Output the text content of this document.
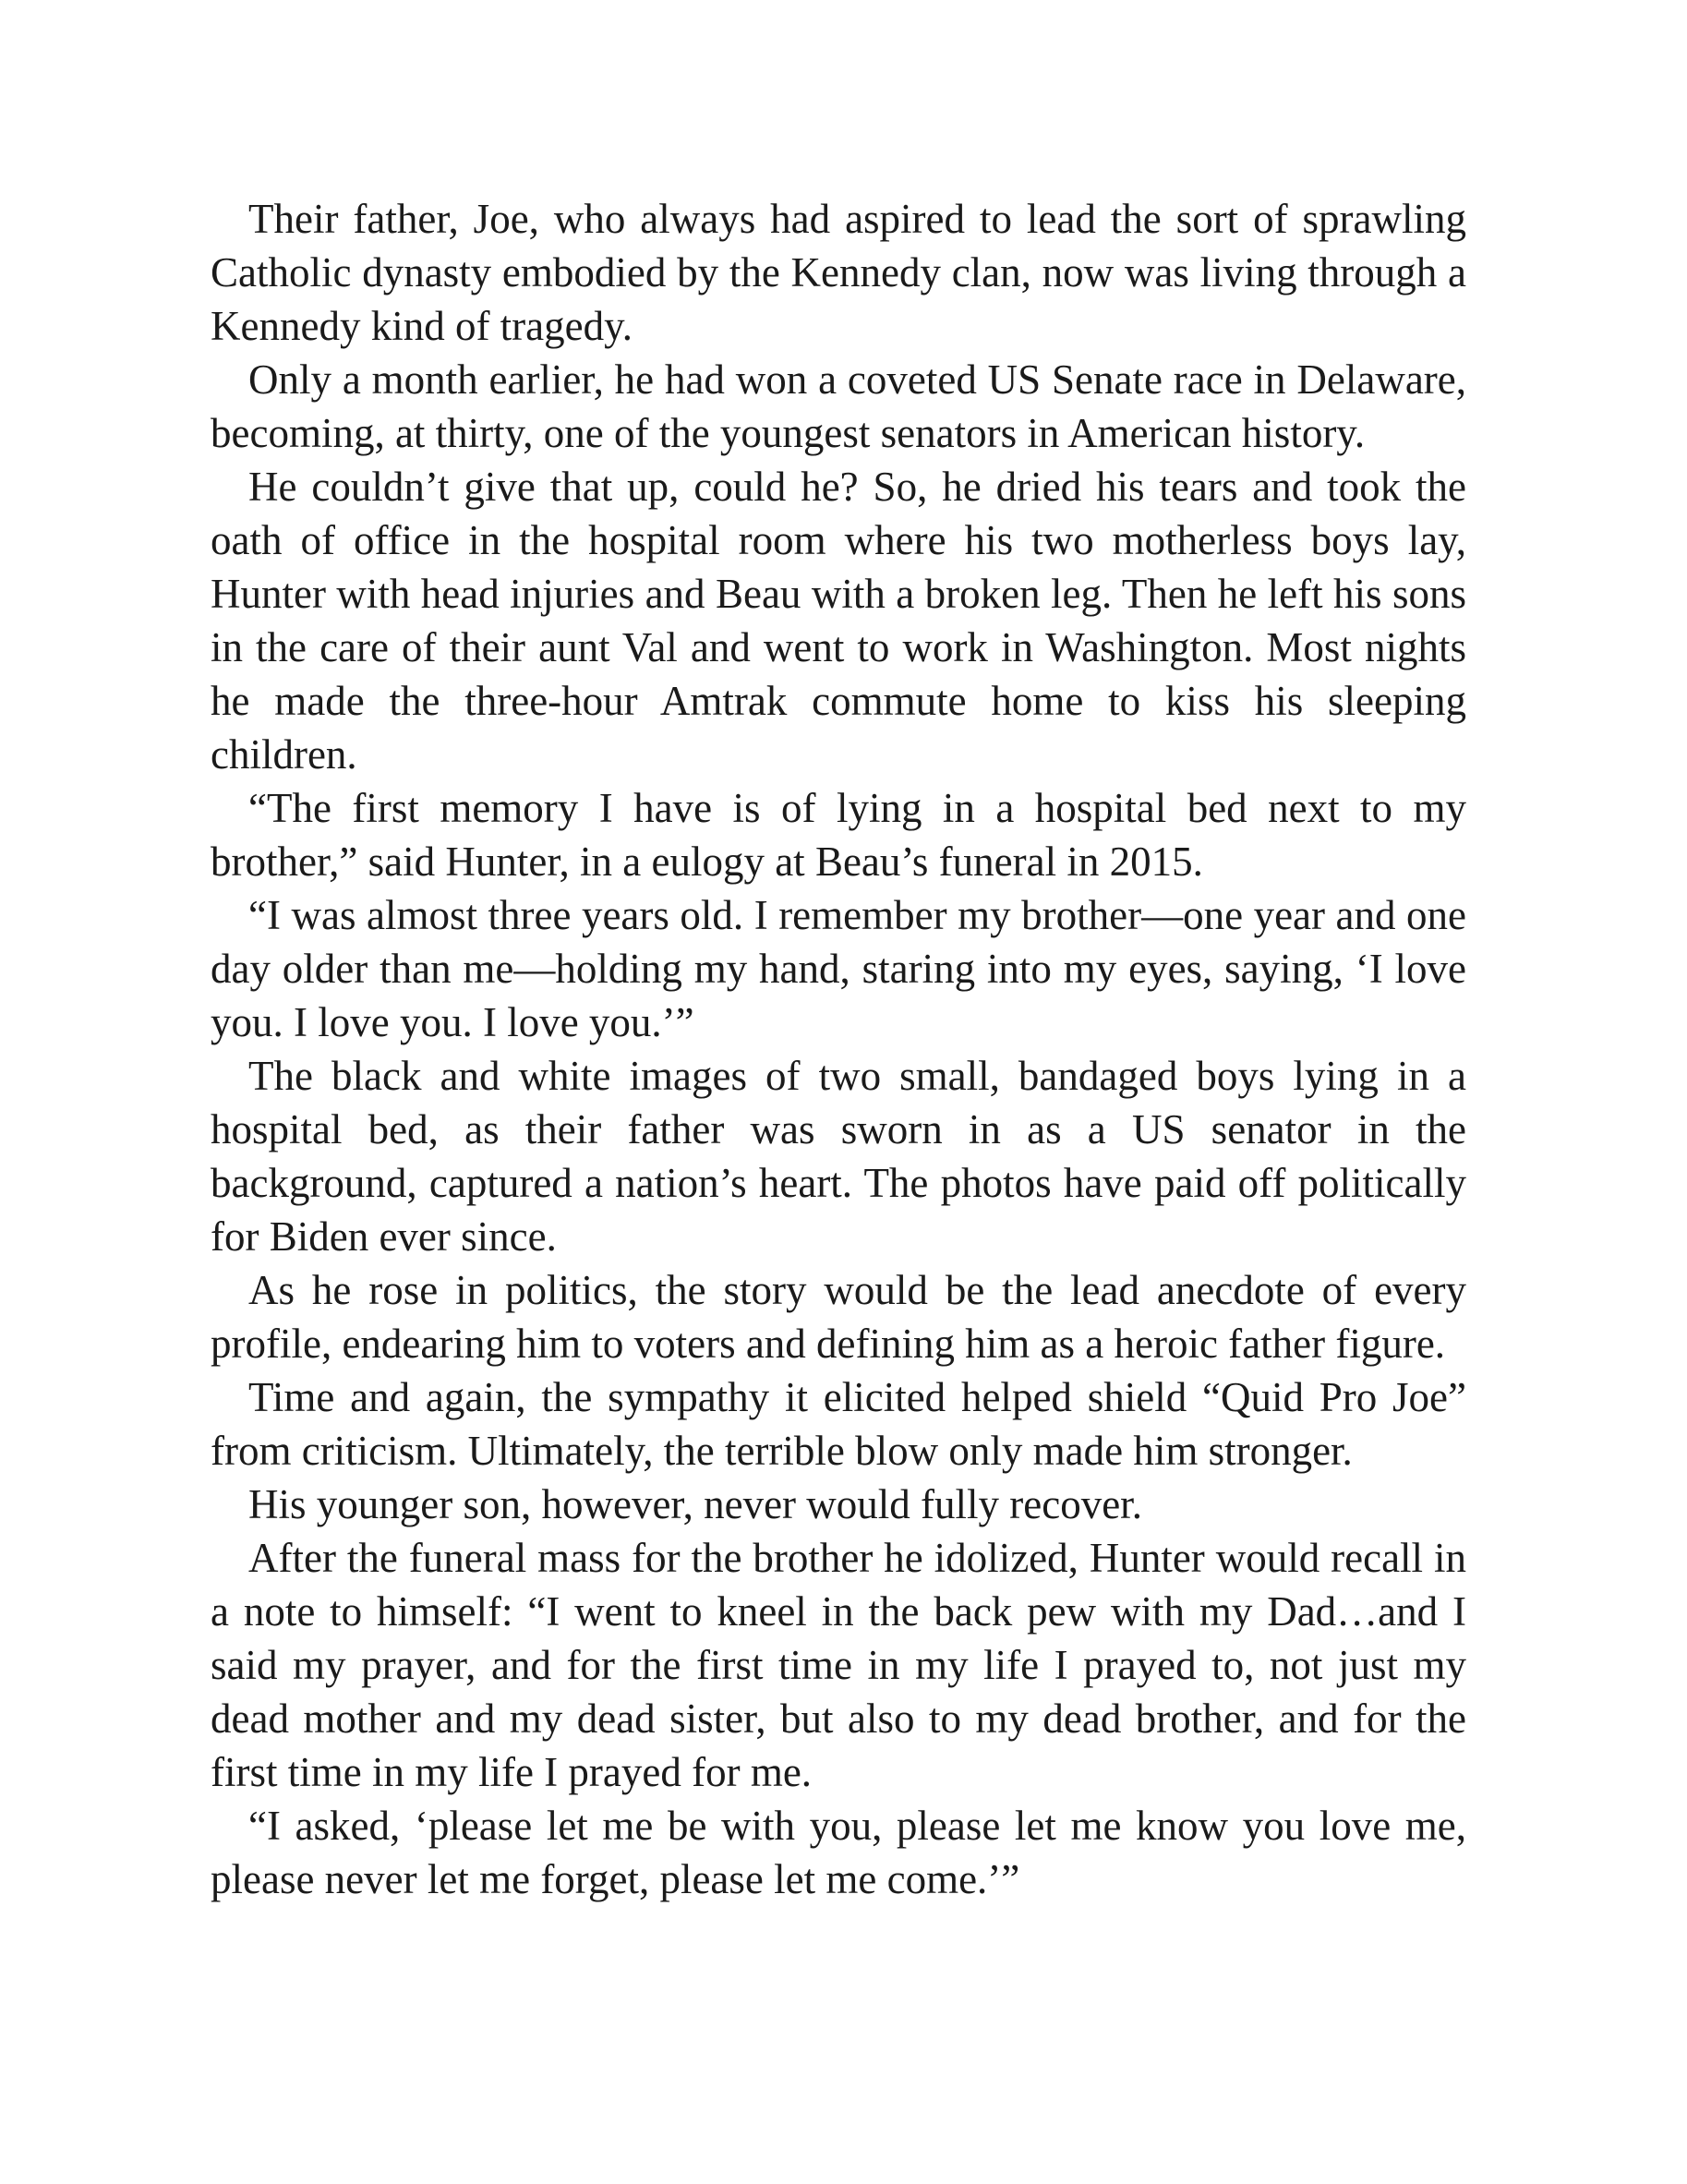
Their father, Joe, who always had aspired to lead the sort of sprawling Catholic dynasty embodied by the Kennedy clan, now was living through a Kennedy kind of tragedy.

Only a month earlier, he had won a coveted US Senate race in Delaware, becoming, at thirty, one of the youngest senators in American history.

He couldn’t give that up, could he? So, he dried his tears and took the oath of office in the hospital room where his two motherless boys lay, Hunter with head injuries and Beau with a broken leg. Then he left his sons in the care of their aunt Val and went to work in Washington. Most nights he made the three-hour Amtrak commute home to kiss his sleeping children.

“The first memory I have is of lying in a hospital bed next to my brother,” said Hunter, in a eulogy at Beau’s funeral in 2015.

“I was almost three years old. I remember my brother—one year and one day older than me—holding my hand, staring into my eyes, saying, ‘I love you. I love you. I love you.’”

The black and white images of two small, bandaged boys lying in a hospital bed, as their father was sworn in as a US senator in the background, captured a nation’s heart. The photos have paid off politically for Biden ever since.

As he rose in politics, the story would be the lead anecdote of every profile, endearing him to voters and defining him as a heroic father figure.

Time and again, the sympathy it elicited helped shield “Quid Pro Joe” from criticism. Ultimately, the terrible blow only made him stronger.

His younger son, however, never would fully recover.

After the funeral mass for the brother he idolized, Hunter would recall in a note to himself: “I went to kneel in the back pew with my Dad…and I said my prayer, and for the first time in my life I prayed to, not just my dead mother and my dead sister, but also to my dead brother, and for the first time in my life I prayed for me.

“I asked, ‘please let me be with you, please let me know you love me, please never let me forget, please let me come.’”
